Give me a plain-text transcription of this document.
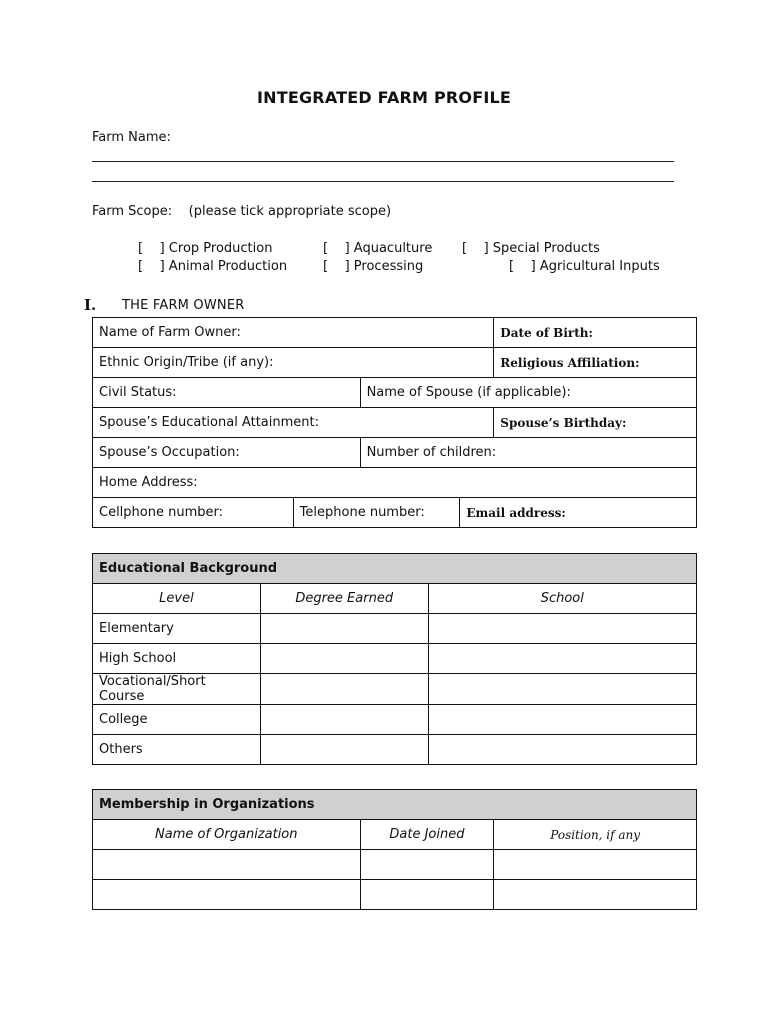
INTEGRATED FARM PROFILE
Farm Name:
Farm Scope:    (please tick appropriate scope)
[    ] Crop Production	[    ] Aquaculture [    ] Special Products
[    ] Animal Production	[    ] Processing	[    ] Agricultural Inputs
I. THE FARM OWNER
Name of Farm Owner:				Date of Birth:
Ethnic Origin/Tribe (if any):				Religious Affiliation:
Civil Status:		Name of Spouse (if applicable):		
Spouse’s Educational Attainment:				Spouse’s Birthday:
Spouse’s Occupation:		Number of children:		
Home Address:				
Cellphone number:	Telephone number:		Email address:	
Educational Background		
Level	Degree Earned	School
Elementary		
High School		
Vocational/Short Course		
College		
Others		
Membership in Organizations		
Name of Organization	Date Joined	Position, if any
